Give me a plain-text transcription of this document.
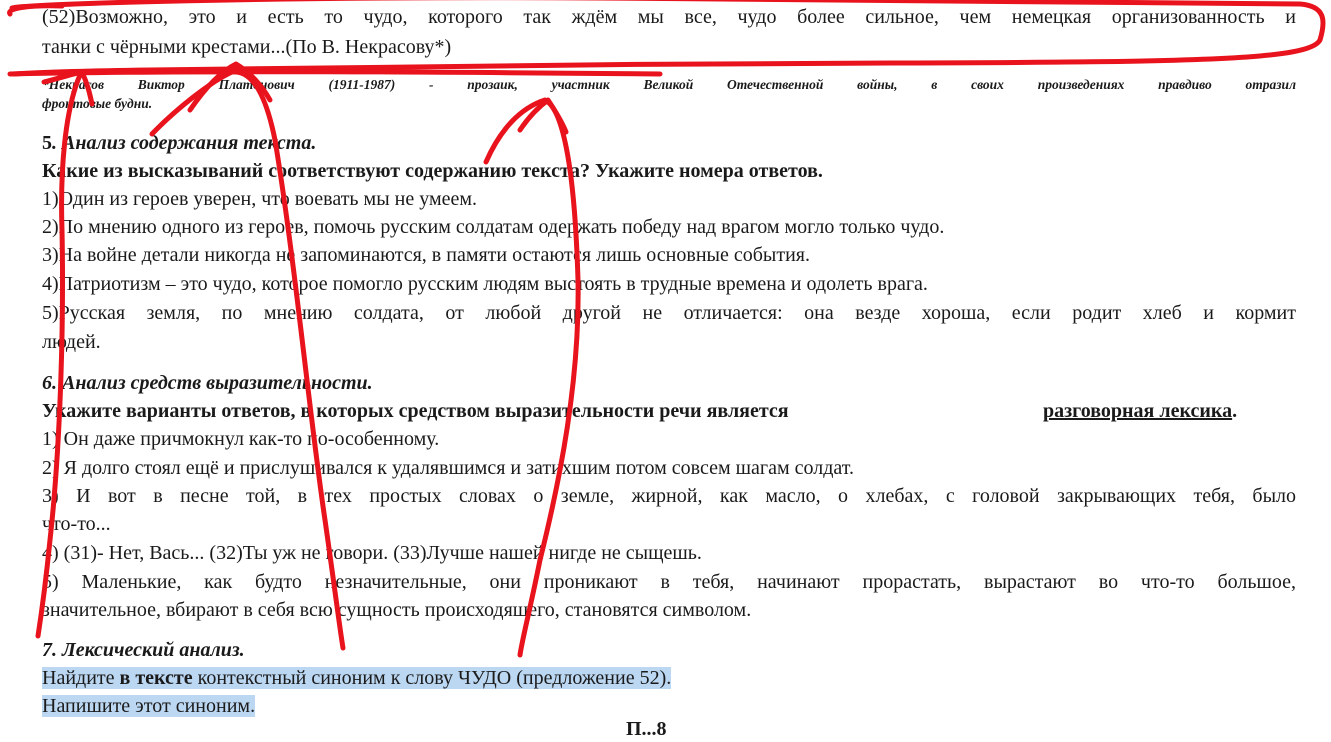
(52)Возможно, это и есть то чудо, которого так ждём мы все, чудо более сильное, чем немецкая организованность и
танки с чёрными крестами...(По В. Некрасову*)
*Некрасов Виктор Платонович (1911-1987) - прозаик, участник Великой Отечественной войны, в своих произведениях правдиво отразил
фронтовые будни.
5. Анализ содержания текста.
Какие из высказываний соответствуют содержанию текста? Укажите номера ответов.
1)Один из героев уверен, что воевать мы не умеем.
2)По мнению одного из героев, помочь русским солдатам одержать победу над врагом могло только чудо.
3)На войне детали никогда не запоминаются, в памяти остаются лишь основные события.
4)Патриотизм – это чудо, которое помогло русским людям выстоять в трудные времена и одолеть врага.
5)Русская земля, по мнению солдата, от любой другой не отличается: она везде хороша, если родит хлеб и кормит
людей.
6. Анализ средств выразительности.
Укажите варианты ответов, в которых средством выразительности речи является	разговорная лексика.
1) Он даже причмокнул как-то по-особенному.
2) Я долго стоял ещё и прислушивался к удалявшимся и затихшим потом совсем шагам солдат.
3) И вот в песне той, в тех простых словах о земле, жирной, как масло, о хлебах, с головой закрывающих тебя, было
что-то...
4) (31)- Нет, Вась... (32)Ты уж не говори. (33)Лучше нашей нигде не сыщешь.
5) Маленькие, как будто незначительные, они проникают в тебя, начинают прорастать, вырастают во что-то большое,
значительное, вбирают в себя всю сущность происходящего, становятся символом.
7. Лексический анализ.
Найдите в тексте контекстный синоним к слову ЧУДО (предложение 52).
Напишите этот синоним.
П...8
